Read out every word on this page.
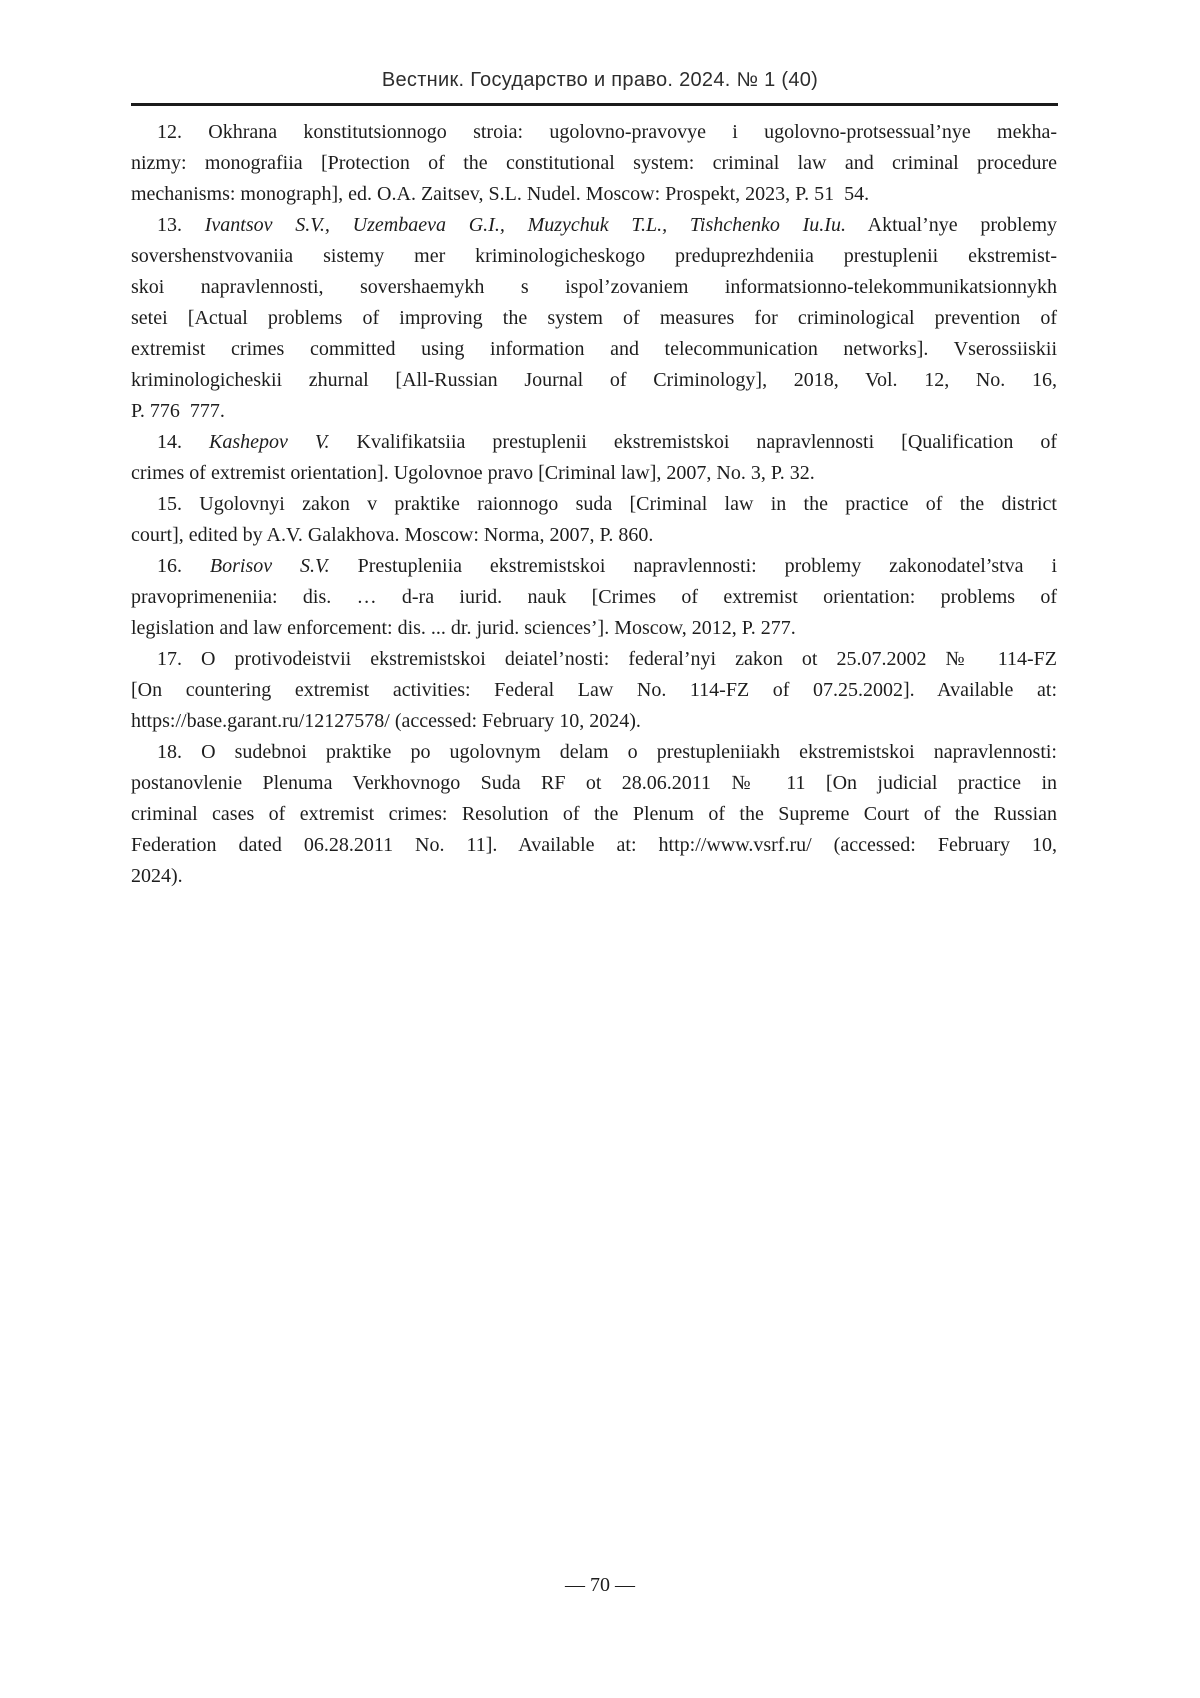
Вестник. Государство и право. 2024. № 1 (40)
12. Okhrana konstitutsionnogo stroia: ugolovno-pravovye i ugolovno-protsessual’nye mekha-
nizmy: monografiia [Protection of the constitutional system: criminal law and criminal procedure
mechanisms: monograph], ed. O.A. Zaitsev, S.L. Nudel. Moscow: Prospekt, 2023, P. 51  54.
13. Ivantsov S.V., Uzembaeva G.I., Muzychuk T.L., Tishchenko Iu.Iu. Aktual’nye problemy
sovershenstvovaniia sistemy mer kriminologicheskogo preduprezhdeniia prestuplenii ekstremist-
skoi napravlennosti, sovershaemykh s ispol’zovaniem informatsionno-telekommunikatsionnykh
setei [Actual problems of improving the system of measures for criminological prevention of
extremist crimes committed using information and telecommunication networks]. Vserossiiskii
kriminologicheskii zhurnal [All-Russian Journal of Criminology], 2018, Vol. 12, No. 16,
P. 776  777.
14. Kashepov V. Kvalifikatsiia prestuplenii ekstremistskoi napravlennosti [Qualification of
crimes of extremist orientation]. Ugolovnoe pravo [Criminal law], 2007, No. 3, P. 32.
15. Ugolovnyi zakon v praktike raionnogo suda [Criminal law in the practice of the district
court], edited by A.V. Galakhova. Moscow: Norma, 2007, P. 860.
16. Borisov S.V. Prestupleniia ekstremistskoi napravlennosti: problemy zakonodatel’stva i
pravoprimeneniia: dis. … d-ra iurid. nauk [Crimes of extremist orientation: problems of
legislation and law enforcement: dis. ... dr. jurid. sciences’]. Moscow, 2012, P. 277.
17. O protivodeistvii ekstremistskoi deiatel’nosti: federal’nyi zakon ot 25.07.2002 № 114-FZ
[On countering extremist activities: Federal Law No. 114-FZ of 07.25.2002]. Available at:
https://base.garant.ru/12127578/ (accessed: February 10, 2024).
18. O sudebnoi praktike po ugolovnym delam o prestupleniiakh ekstremistskoi napravlennosti:
postanovlenie Plenuma Verkhovnogo Suda RF ot 28.06.2011 № 11 [On judicial practice in
criminal cases of extremist crimes: Resolution of the Plenum of the Supreme Court of the Russian
Federation dated 06.28.2011 No. 11]. Available at: http://www.vsrf.ru/ (accessed: February 10,
2024).
— 70 —
